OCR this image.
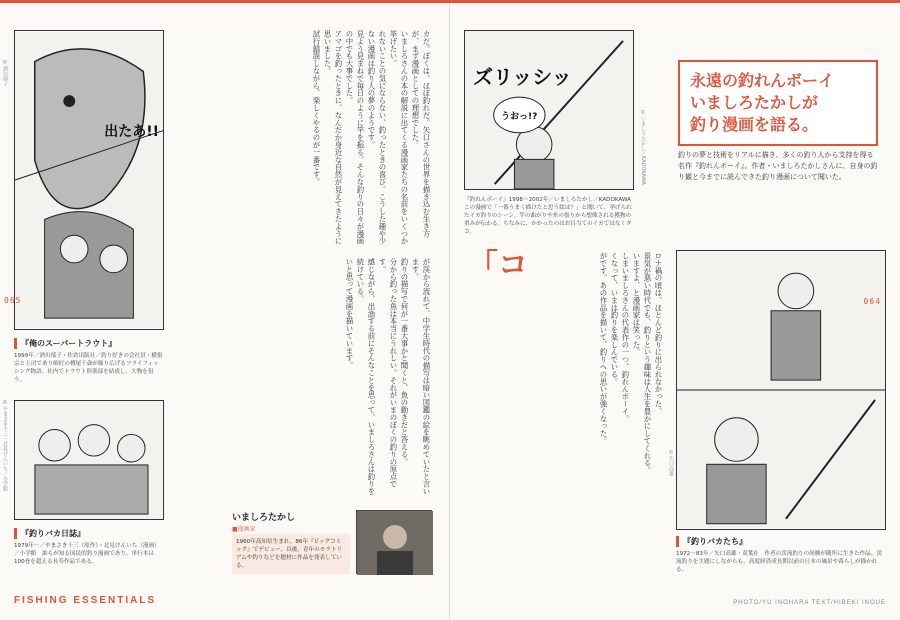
出たあ!!
©酒川郁子	カだ。ぼくは、ほぼ釣れだ。矢口さんの世界を描き込む生き方が、まず漫画としての理想でした。

いましろさんの本の解説に出てくる漫画家たちの名前をいくつか挙げたい。

れないことの気にならない、釣ったときの喜び。こうした趣や少ない漫画は釣り人の夢のようです。

見よう見まねで毎日のように竿を振る。そんな釣りの日々が漫画の中でも大事でした。

アマゴを釣ったときに、なんだか身近な自然が見えてきたように思いました。

試行錯誤しながら、楽しくやるのが一番です。

065
『俺のスーパートラウト』
1999年／酒川郁子・佐倉出版社／釣り好きの会社員・横張宗と上司であり師匠の樽尾千歳が繰り広げるフライフィッシング物語。社内でトラウト倶楽部を結成し、大物を狙う。
©やまさき十三・北見けんいち／小学館
『釣りバカ日誌』
1979年〜／やまさき十三（原作）・北見けんいち（漫画）／小学館　誰もが知る国民的釣り漫画であり、単行本は100巻を超える長寿作品である。

が渓から流れて、中学生時代の描写は暗い図鑑の絵を眺めていたと言います。

釣りの描写で何が一番大事かと聞くと、魚の動きだと答える。

分から釣った魚は本当にうれしい。それがいまのぼくの釣りの原点です。

感じながら、出漁する前にそんなことを思って、いましろさんは釣りを続けている。

いと思って漫画を描いています。

いましろたかし
■漫画家
1960年高知県生まれ。86年『ビッグコミック』でデビュー。以後、青年のモラトリアムや釣りなどを題材に作品を発表している。
FISHING ESSENTIALS
ズリッシッ
うおっ!?	©いましろたかし／KADOKAWA
『釣れんボーイ』1998〜2002年／いましろたかし／KADOKAWA　この漫画で「一番うまく描けたと思う絵は？」と聞いて、挙げられたイカ釣りのシーン。竿の曲がりや糸の張りから想像される獲物の重みが伝わる。ちなみに、かかったのはお目当てのイカではなくタコ。
永遠の釣れんボーイ
いましろたかしが
釣り漫画を語る。
釣りの夢と技術をリアルに描き、多くの釣り人から支持を得る名作『釣れんボーイ』。作者・いましろたかしさんに、自身の釣り観と今までに読んできた釣り漫画について聞いた。
「コ	ロナ禍の頃は、ほとんど釣りに出られなかった。

景気が悪い時代でも、釣りという趣味は人生を豊かにしてくれる。

いますよ、と漫画家は笑った。

しまいましろさんの代表作の一つ、釣れんボーイ。

くなって、いまは釣りを楽しんでいる。

がです。あの作品を描いて、釣りへの思いが強くなった。	064
©矢口高雄
『釣りバカたち』
1972〜83年／矢口高雄・双葉社　作者の渓流釣りの経験が随所に生きた作品。渓流釣りを主題にしながらも、高度経済成長期以前の日本の風景や暮らしが描かれる。
PHOTO/YU INOHARA TEXT/HIBEKI INOUE
